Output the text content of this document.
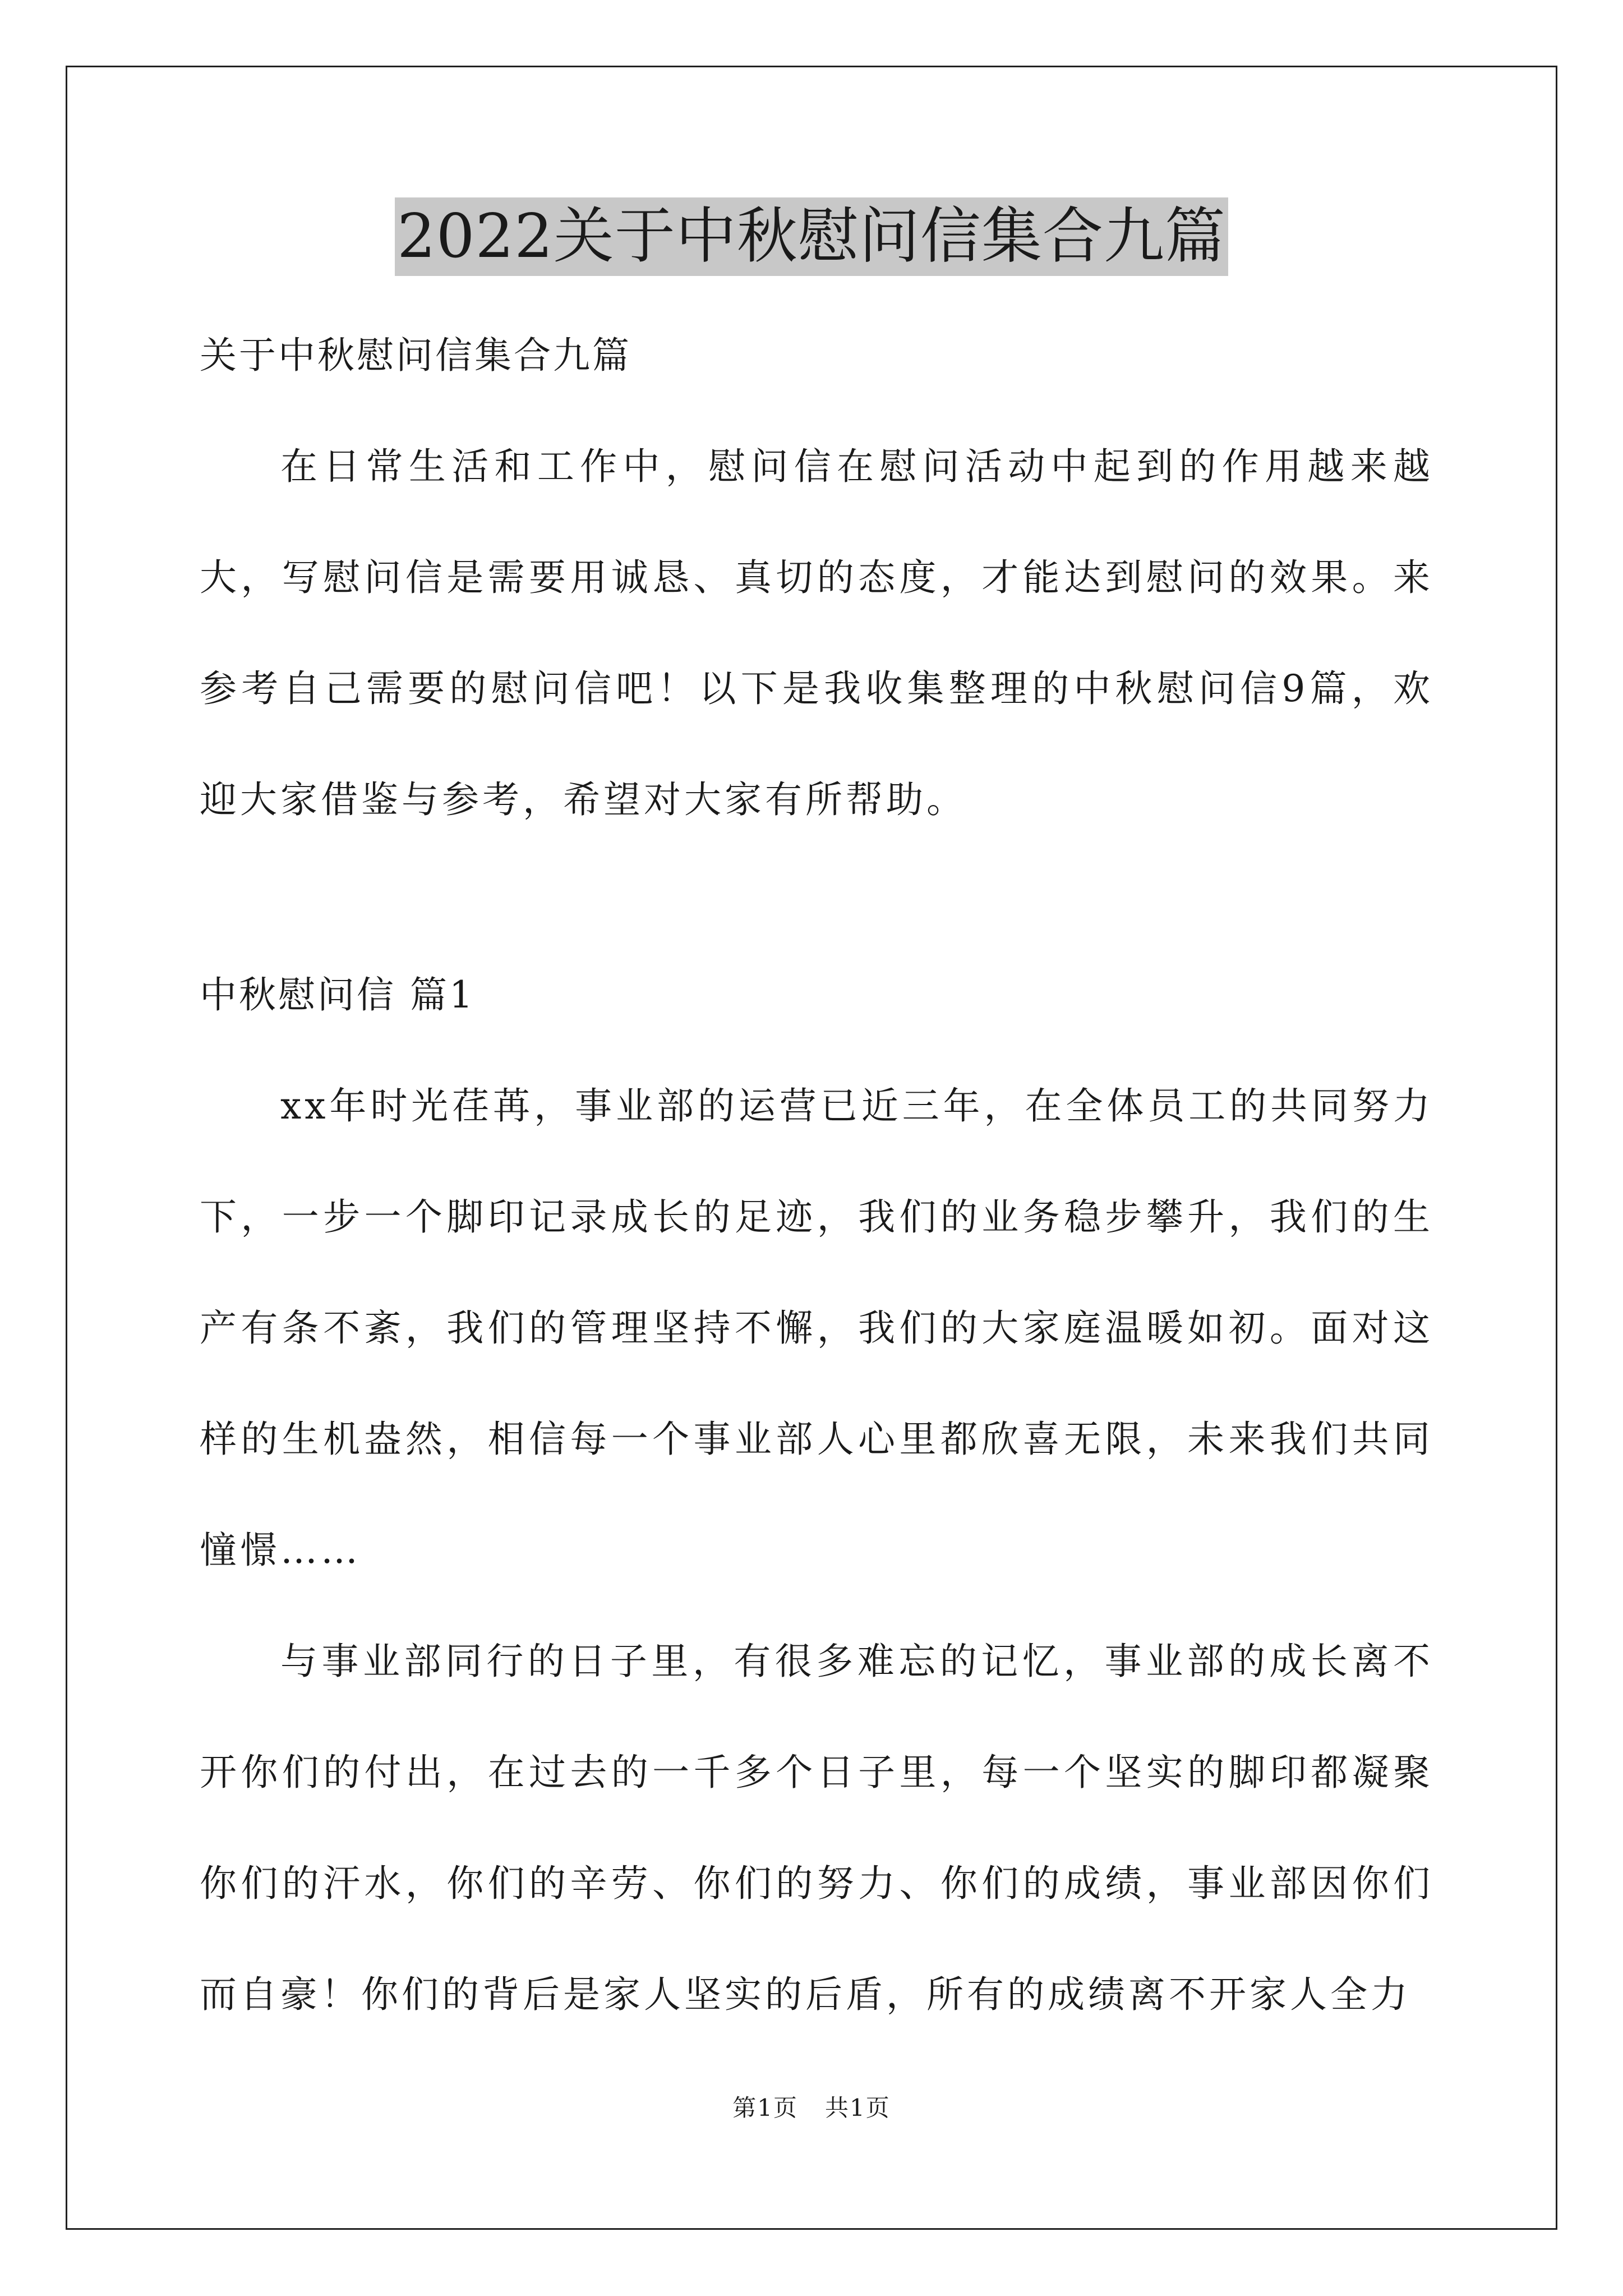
2022关于中秋慰问信集合九篇
关于中秋慰问信集合九篇

在日常生活和工作中，慰问信在慰问活动中起到的作用越来越大，写慰问信是需要用诚恳、真切的态度，才能达到慰问的效果。来参考自己需要的慰问信吧！以下是我收集整理的中秋慰问信9篇，欢迎大家借鉴与参考，希望对大家有所帮助。

中秋慰问信 篇1

xx年时光荏苒，事业部的运营已近三年，在全体员工的共同努力下，一步一个脚印记录成长的足迹，我们的业务稳步攀升，我们的生产有条不紊，我们的管理坚持不懈，我们的大家庭温暖如初。面对这样的生机盎然，相信每一个事业部人心里都欣喜无限，未来我们共同憧憬……

与事业部同行的日子里，有很多难忘的记忆，事业部的成长离不开你们的付出，在过去的一千多个日子里，每一个坚实的脚印都凝聚你们的汗水，你们的辛劳、你们的努力、你们的成绩，事业部因你们而自豪！你们的背后是家人坚实的后盾，所有的成绩离不开家人全力

第1页 共1页
